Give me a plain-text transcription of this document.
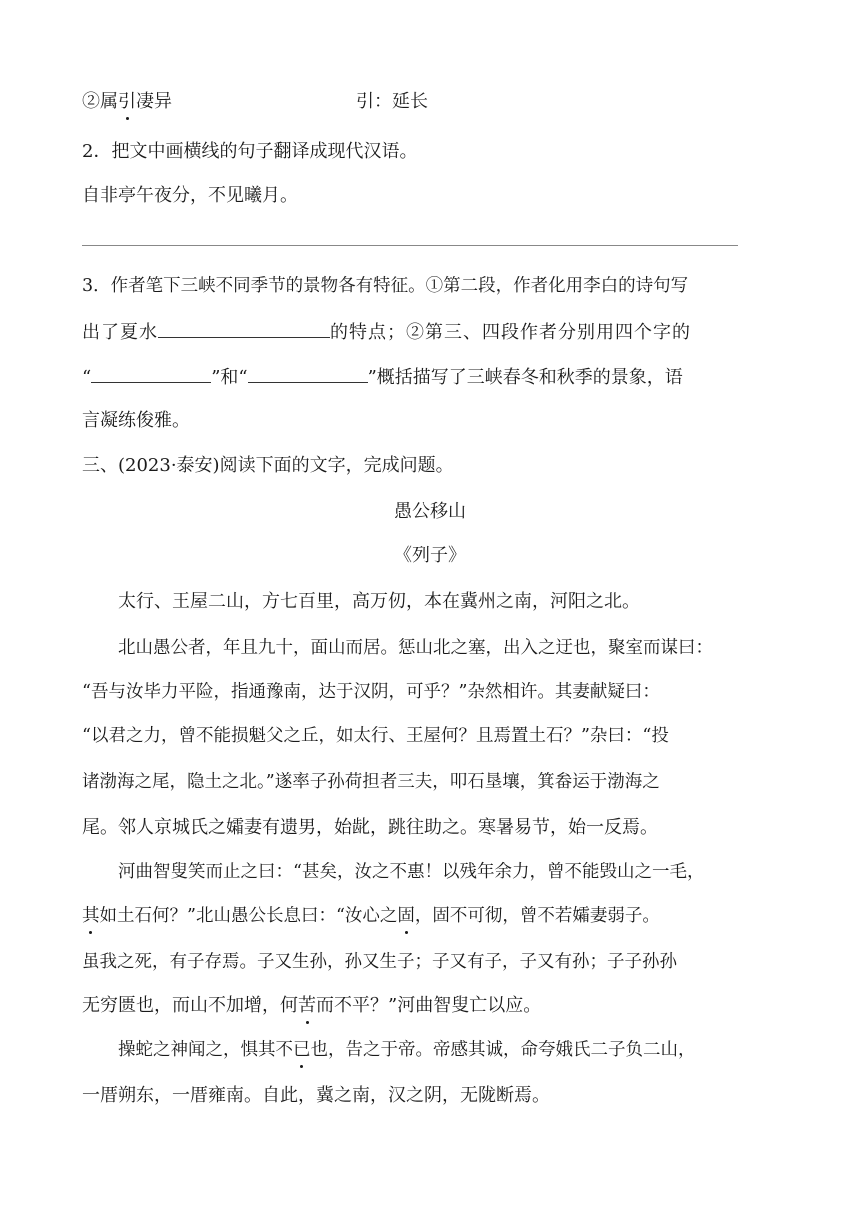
②属引凄异	引：延长
2．把文中画横线的句子翻译成现代汉语。
自非亭午夜分，不见曦月。
3．作者笔下三峡不同季节的景物各有特征。①第二段，作者化用李白的诗句写
出了夏水	的特点；②第三、四段作者分别用四个字的
“	”和“	”概括描写了三峡春冬和秋季的景象，语
言凝练俊雅。
三、(2023·泰安)阅读下面的文字，完成问题。
愚公移山
《列子》
太行、王屋二山，方七百里，高万仞，本在冀州之南，河阳之北。
北山愚公者，年且九十，面山而居。惩山北之塞，出入之迂也，聚室而谋曰：
“吾与汝毕力平险，指通豫南，达于汉阴，可乎？”杂然相许。其妻献疑曰：
“以君之力，曾不能损魁父之丘，如太行、王屋何？且焉置土石？”杂曰：“投
诸渤海之尾，隐土之北。”遂率子孙荷担者三夫，叩石垦壤，箕畚运于渤海之
尾。邻人京城氏之孀妻有遗男，始龀，跳往助之。寒暑易节，始一反焉。
河曲智叟笑而止之曰：“甚矣，汝之不惠！以残年余力，曾不能毁山之一毛，
其如土石何？”北山愚公长息曰：“汝心之固，固不可彻，曾不若孀妻弱子。
虽我之死，有子存焉。子又生孙，孙又生子；子又有子，子又有孙；子子孙孙
无穷匮也，而山不加增，何苦而不平？”河曲智叟亡以应。
操蛇之神闻之，惧其不已也，告之于帝。帝感其诚，命夸娥氏二子负二山，
一厝朔东，一厝雍南。自此，冀之南，汉之阴，无陇断焉。
